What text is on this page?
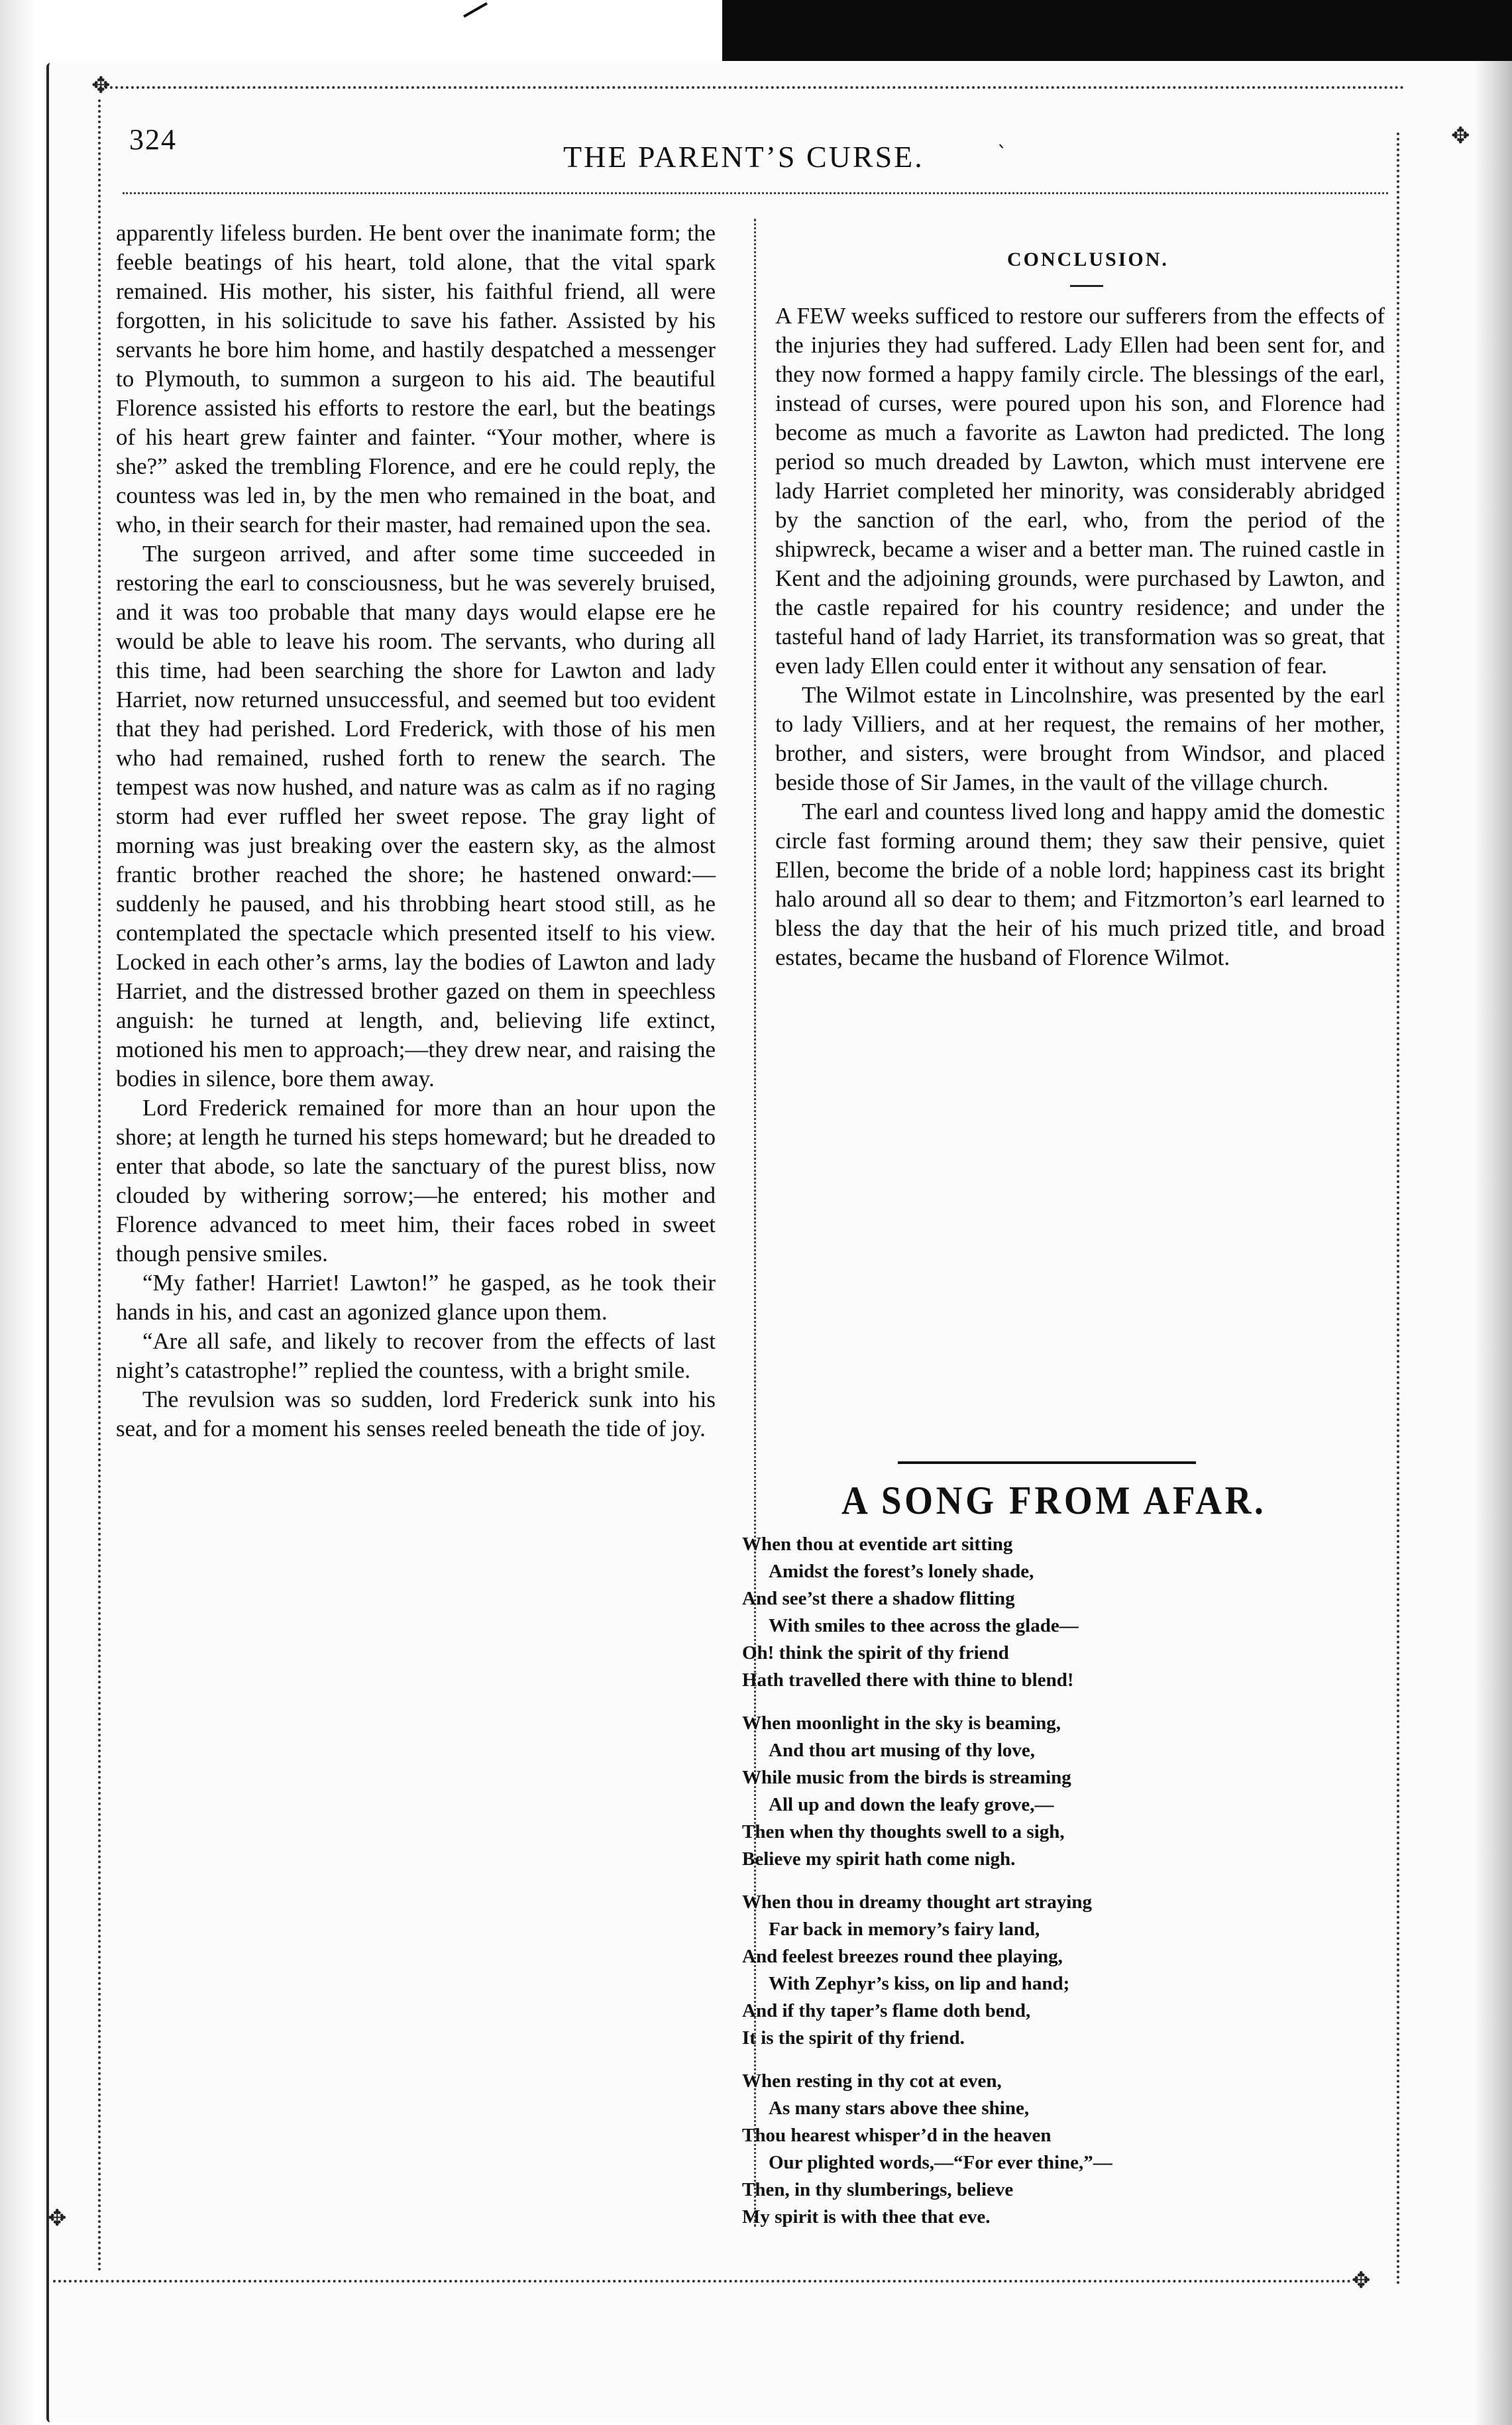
✥
✥
✥
✥
324
THE PARENT’S CURSE.	ˋ

apparently lifeless burden. He bent over the inanimate form; the feeble beatings of his heart, told alone, that the vital spark remained. His mother, his sister, his faithful friend, all were forgotten, in his solicitude to save his father. Assisted by his servants he bore him home, and hastily despatched a messenger to Plymouth, to summon a surgeon to his aid. The beautiful Florence assisted his efforts to restore the earl, but the beatings of his heart grew fainter and fainter. “Your mother, where is she?” asked the trembling Florence, and ere he could reply, the countess was led in, by the men who remained in the boat, and who, in their search for their master, had remained upon the sea.

The surgeon arrived, and after some time succeeded in restoring the earl to consciousness, but he was severely bruised, and it was too probable that many days would elapse ere he would be able to leave his room. The servants, who during all this time, had been searching the shore for Lawton and lady Harriet, now returned unsuccessful, and seemed but too evident that they had perished. Lord Frederick, with those of his men who had remained, rushed forth to renew the search. The tempest was now hushed, and nature was as calm as if no raging storm had ever ruffled her sweet repose. The gray light of morning was just breaking over the eastern sky, as the almost frantic brother reached the shore; he hastened onward:—suddenly he paused, and his throbbing heart stood still, as he contemplated the spectacle which presented itself to his view. Locked in each other’s arms, lay the bodies of Lawton and lady Harriet, and the distressed brother gazed on them in speechless anguish: he turned at length, and, believing life extinct, motioned his men to approach;—they drew near, and raising the bodies in silence, bore them away.

Lord Frederick remained for more than an hour upon the shore; at length he turned his steps homeward; but he dreaded to enter that abode, so late the sanctuary of the purest bliss, now clouded by withering sorrow;—he entered; his mother and Florence advanced to meet him, their faces robed in sweet though pensive smiles.

“My father! Harriet! Lawton!” he gasped, as he took their hands in his, and cast an agonized glance upon them.

“Are all safe, and likely to recover from the effects of last night’s catastrophe!” replied the countess, with a bright smile.

The revulsion was so sudden, lord Frederick sunk into his seat, and for a moment his senses reeled beneath the tide of joy.

CONCLUSION.

A FEW weeks sufficed to restore our sufferers from the effects of the injuries they had suffered. Lady Ellen had been sent for, and they now formed a happy family circle. The blessings of the earl, instead of curses, were poured upon his son, and Florence had become as much a favorite as Lawton had predicted. The long period so much dreaded by Lawton, which must intervene ere lady Harriet completed her minority, was considerably abridged by the sanction of the earl, who, from the period of the shipwreck, became a wiser and a better man. The ruined castle in Kent and the adjoining grounds, were purchased by Lawton, and the castle repaired for his country residence; and under the tasteful hand of lady Harriet, its transformation was so great, that even lady Ellen could enter it without any sensation of fear.

The Wilmot estate in Lincolnshire, was presented by the earl to lady Villiers, and at her request, the remains of her mother, brother, and sisters, were brought from Windsor, and placed beside those of Sir James, in the vault of the village church.

The earl and countess lived long and happy amid the domestic circle fast forming around them; they saw their pensive, quiet Ellen, become the bride of a noble lord; happiness cast its bright halo around all so dear to them; and Fitzmorton’s earl learned to bless the day that the heir of his much prized title, and broad estates, became the husband of Florence Wilmot.

A SONG FROM AFAR.
When thou at eventide art sitting
Amidst the forest’s lonely shade,
And see’st there a shadow flitting
With smiles to thee across the glade—
Oh! think the spirit of thy friend
Hath travelled there with thine to blend!
When moonlight in the sky is beaming,
And thou art musing of thy love,
While music from the birds is streaming
All up and down the leafy grove,—
Then when thy thoughts swell to a sigh,
Believe my spirit hath come nigh.
When thou in dreamy thought art straying
Far back in memory’s fairy land,
And feelest breezes round thee playing,
With Zephyr’s kiss, on lip and hand;
And if thy taper’s flame doth bend,
It is the spirit of thy friend.
When resting in thy cot at even,
As many stars above thee shine,
Thou hearest whisper’d in the heaven
Our plighted words,—“For ever thine,”—
Then, in thy slumberings, believe
My spirit is with thee that eve.
